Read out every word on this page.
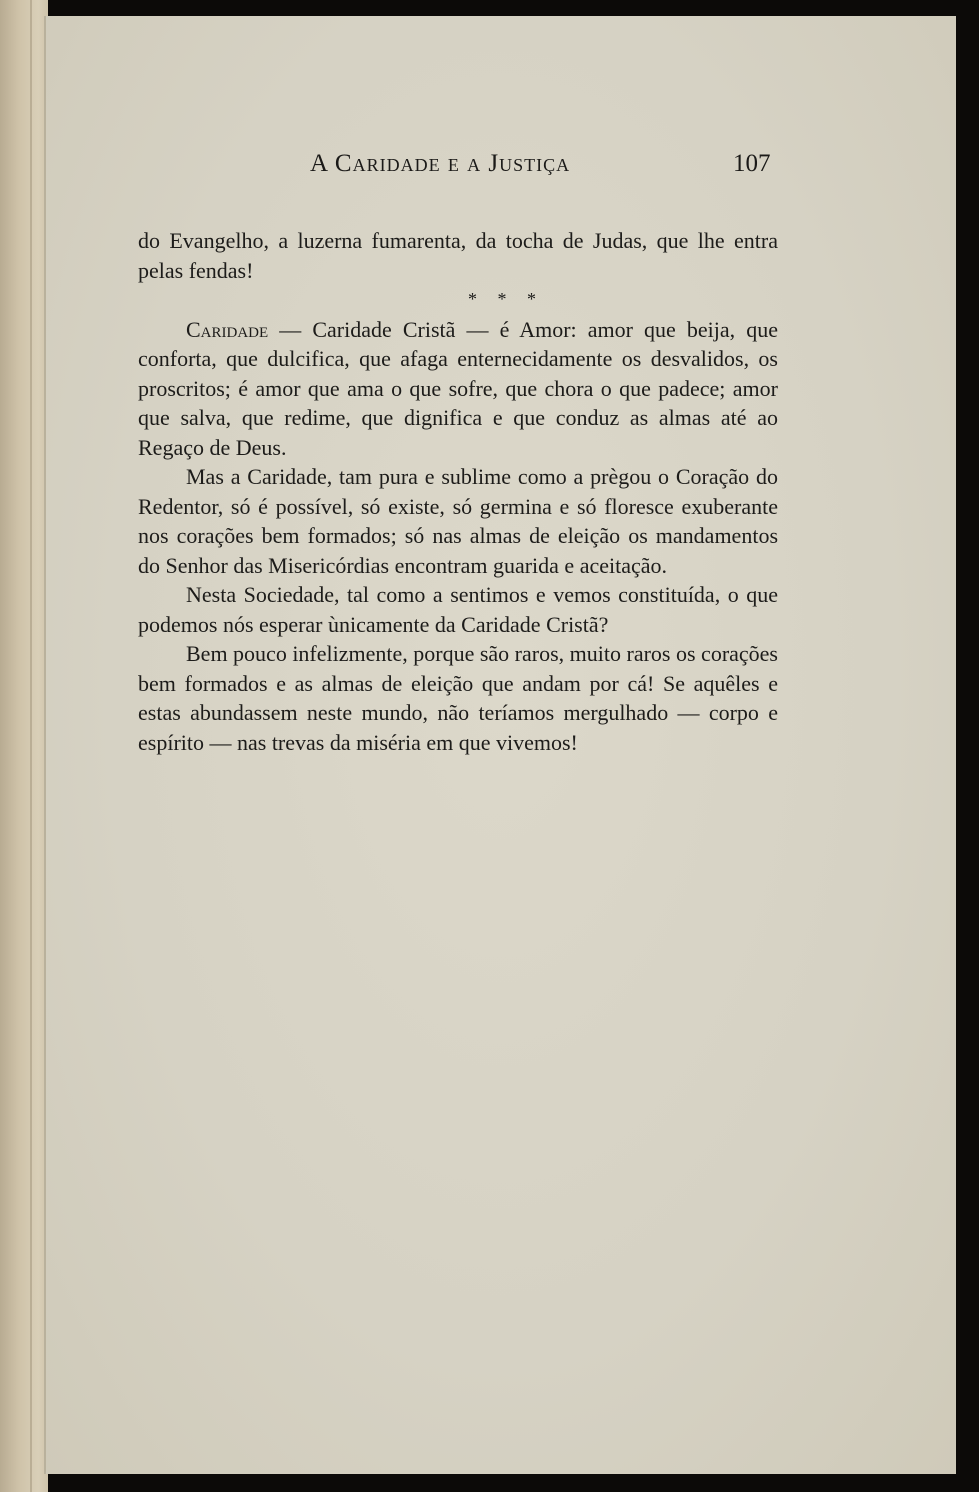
A Caridade e a Justiça	107

do Evangelho, a luzerna fumarenta, da tocha de Judas, que lhe entra pelas fendas!

* * *

Caridade — Caridade Cristã — é Amor: amor que beija, que conforta, que dulcifica, que afaga enternecidamente os desvalidos, os proscritos; é amor que ama o que sofre, que chora o que padece; amor que salva, que redime, que dignifica e que conduz as almas até ao Regaço de Deus.

Mas a Caridade, tam pura e sublime como a prègou o Coração do Redentor, só é possível, só existe, só germina e só floresce exuberante nos corações bem formados; só nas almas de eleição os mandamentos do Senhor das Misericórdias encontram guarida e aceitação.

Nesta Sociedade, tal como a sentimos e vemos constituída, o que podemos nós esperar ùnicamente da Caridade Cristã?

Bem pouco infelizmente, porque são raros, muito raros os corações bem formados e as almas de eleição que andam por cá! Se aquêles e estas abundassem neste mundo, não teríamos mergulhado — corpo e espírito — nas trevas da miséria em que vivemos!
